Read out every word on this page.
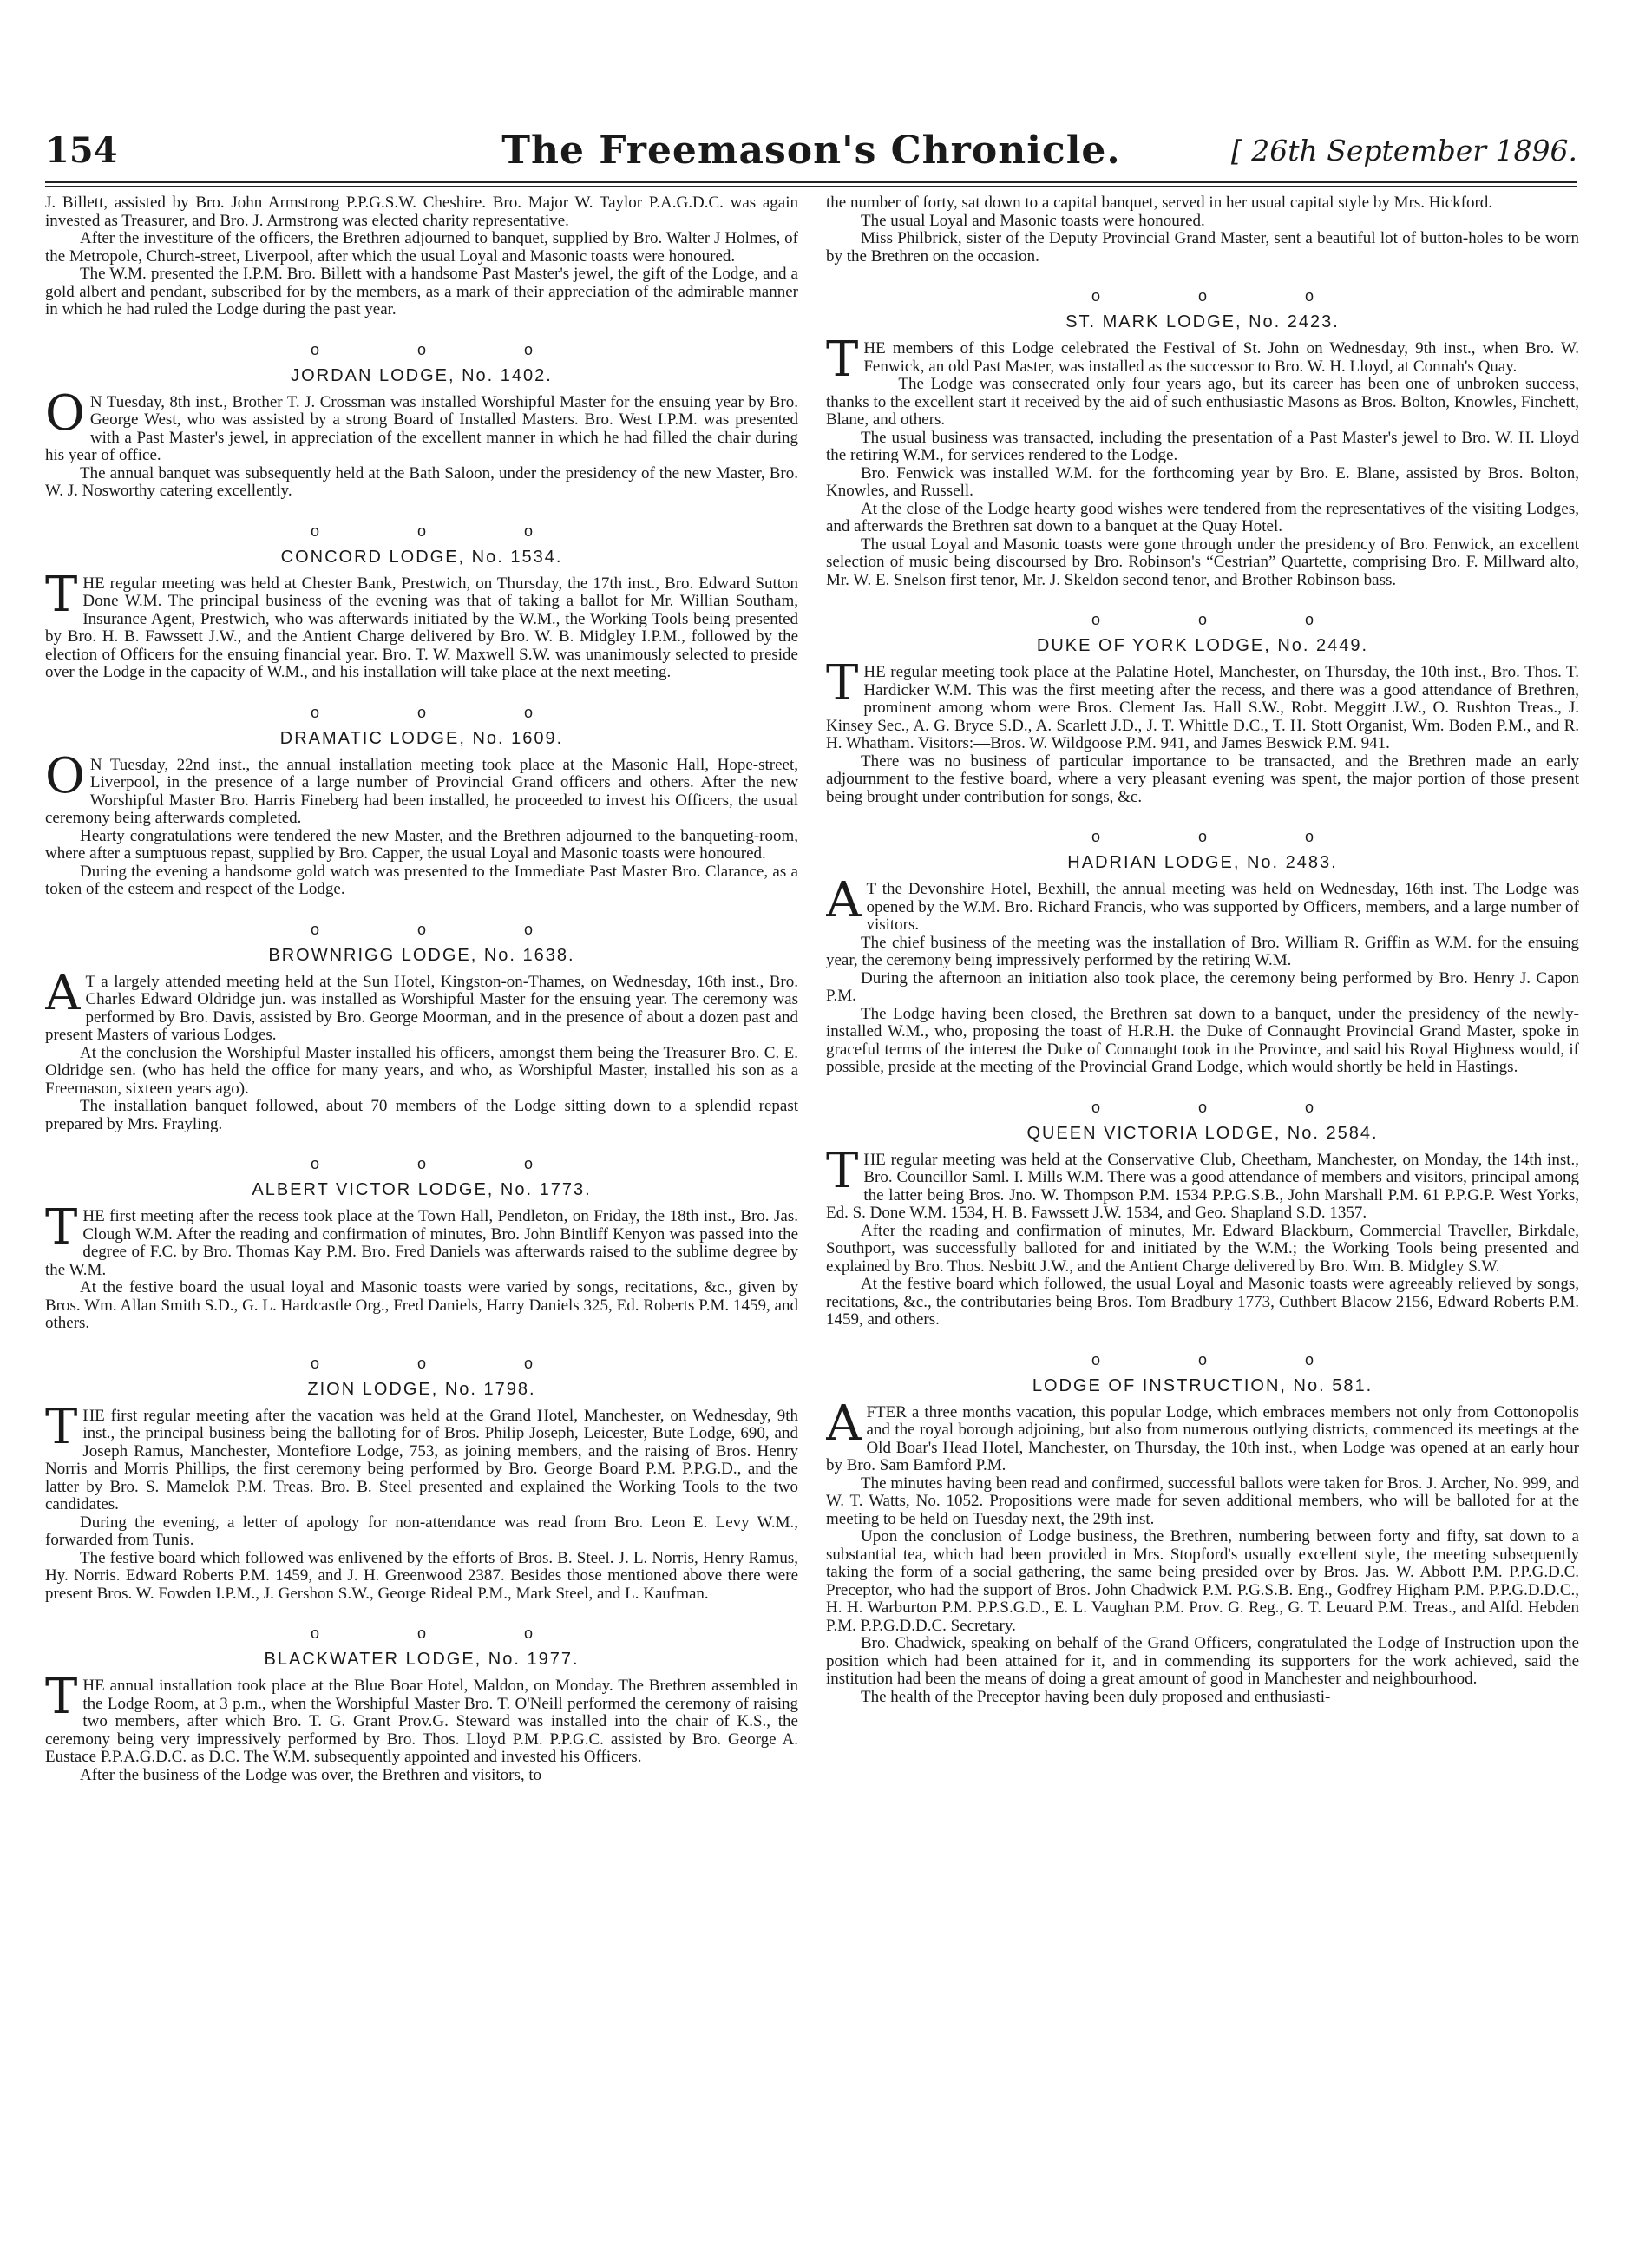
154	The Freemason's Chronicle.	[ 26th September 1896.

J. Billett, assisted by Bro. John Armstrong P.P.G.S.W. Cheshire. Bro. Major W. Taylor P.A.G.D.C. was again invested as Treasurer, and Bro. J. Armstrong was elected charity representative.

After the investiture of the officers, the Brethren adjourned to banquet, supplied by Bro. Walter J Holmes, of the Metropole, Church-street, Liverpool, after which the usual Loyal and Masonic toasts were honoured.

The W.M. presented the I.P.M. Bro. Billett with a handsome Past Master's jewel, the gift of the Lodge, and a gold albert and pendant, subscribed for by the members, as a mark of their appreciation of the admirable manner in which he had ruled the Lodge during the past year.

o o o
JORDAN LODGE, No. 1402.

ON Tuesday, 8th inst., Brother T. J. Crossman was installed Worshipful Master for the ensuing year by Bro. George West, who was assisted by a strong Board of Installed Masters. Bro. West I.P.M. was presented with a Past Master's jewel, in appreciation of the excellent manner in which he had filled the chair during his year of office.

The annual banquet was subsequently held at the Bath Saloon, under the presidency of the new Master, Bro. W. J. Nosworthy catering excellently.

o o o
CONCORD LODGE, No. 1534.

THE regular meeting was held at Chester Bank, Prestwich, on Thursday, the 17th inst., Bro. Edward Sutton Done W.M. The principal business of the evening was that of taking a ballot for Mr. Willian Southam, Insurance Agent, Prestwich, who was afterwards initiated by the W.M., the Working Tools being presented by Bro. H. B. Fawssett J.W., and the Antient Charge delivered by Bro. W. B. Midgley I.P.M., followed by the election of Officers for the ensuing financial year. Bro. T. W. Maxwell S.W. was unanimously selected to preside over the Lodge in the capacity of W.M., and his installation will take place at the next meeting.

o o o
DRAMATIC LODGE, No. 1609.

ON Tuesday, 22nd inst., the annual installation meeting took place at the Masonic Hall, Hope-street, Liverpool, in the presence of a large number of Provincial Grand officers and others. After the new Worshipful Master Bro. Harris Fineberg had been installed, he proceeded to invest his Officers, the usual ceremony being afterwards completed.

Hearty congratulations were tendered the new Master, and the Brethren adjourned to the banqueting-room, where after a sumptuous repast, supplied by Bro. Capper, the usual Loyal and Masonic toasts were honoured.

During the evening a handsome gold watch was presented to the Immediate Past Master Bro. Clarance, as a token of the esteem and respect of the Lodge.

o o o
BROWNRIGG LODGE, No. 1638.

AT a largely attended meeting held at the Sun Hotel, Kingston-on-Thames, on Wednesday, 16th inst., Bro. Charles Edward Oldridge jun. was installed as Worshipful Master for the ensuing year. The ceremony was performed by Bro. Davis, assisted by Bro. George Moorman, and in the presence of about a dozen past and present Masters of various Lodges.

At the conclusion the Worshipful Master installed his officers, amongst them being the Treasurer Bro. C. E. Oldridge sen. (who has held the office for many years, and who, as Worshipful Master, installed his son as a Freemason, sixteen years ago).

The installation banquet followed, about 70 members of the Lodge sitting down to a splendid repast prepared by Mrs. Frayling.

o o o
ALBERT VICTOR LODGE, No. 1773.

THE first meeting after the recess took place at the Town Hall, Pendleton, on Friday, the 18th inst., Bro. Jas. Clough W.M. After the reading and confirmation of minutes, Bro. John Bintliff Kenyon was passed into the degree of F.C. by Bro. Thomas Kay P.M. Bro. Fred Daniels was afterwards raised to the sublime degree by the W.M.

At the festive board the usual loyal and Masonic toasts were varied by songs, recitations, &c., given by Bros. Wm. Allan Smith S.D., G. L. Hardcastle Org., Fred Daniels, Harry Daniels 325, Ed. Roberts P.M. 1459, and others.

o o o
ZION LODGE, No. 1798.

THE first regular meeting after the vacation was held at the Grand Hotel, Manchester, on Wednesday, 9th inst., the principal business being the balloting for of Bros. Philip Joseph, Leicester, Bute Lodge, 690, and Joseph Ramus, Manchester, Montefiore Lodge, 753, as joining members, and the raising of Bros. Henry Norris and Morris Phillips, the first ceremony being performed by Bro. George Board P.M. P.P.G.D., and the latter by Bro. S. Mamelok P.M. Treas. Bro. B. Steel presented and explained the Working Tools to the two candidates.

During the evening, a letter of apology for non-attendance was read from Bro. Leon E. Levy W.M., forwarded from Tunis.

The festive board which followed was enlivened by the efforts of Bros. B. Steel. J. L. Norris, Henry Ramus, Hy. Norris. Edward Roberts P.M. 1459, and J. H. Greenwood 2387. Besides those mentioned above there were present Bros. W. Fowden I.P.M., J. Gershon S.W., George Rideal P.M., Mark Steel, and L. Kaufman.

o o o
BLACKWATER LODGE, No. 1977.

THE annual installation took place at the Blue Boar Hotel, Maldon, on Monday. The Brethren assembled in the Lodge Room, at 3 p.m., when the Worshipful Master Bro. T. O'Neill performed the ceremony of raising two members, after which Bro. T. G. Grant Prov.G. Steward was installed into the chair of K.S., the ceremony being very impressively performed by Bro. Thos. Lloyd P.M. P.P.G.C. assisted by Bro. George A. Eustace P.P.A.G.D.C. as D.C. The W.M. subsequently appointed and invested his Officers.

After the business of the Lodge was over, the Brethren and visitors, to

the number of forty, sat down to a capital banquet, served in her usual capital style by Mrs. Hickford.

The usual Loyal and Masonic toasts were honoured.

Miss Philbrick, sister of the Deputy Provincial Grand Master, sent a beautiful lot of button-holes to be worn by the Brethren on the occasion.

o o o
ST. MARK LODGE, No. 2423.

THE members of this Lodge celebrated the Festival of St. John on Wednesday, 9th inst., when Bro. W. Fenwick, an old Past Master, was installed as the successor to Bro. W. H. Lloyd, at Connah's Quay.

The Lodge was consecrated only four years ago, but its career has been one of unbroken success, thanks to the excellent start it received by the aid of such enthusiastic Masons as Bros. Bolton, Knowles, Finchett, Blane, and others.

The usual business was transacted, including the presentation of a Past Master's jewel to Bro. W. H. Lloyd the retiring W.M., for services rendered to the Lodge.

Bro. Fenwick was installed W.M. for the forthcoming year by Bro. E. Blane, assisted by Bros. Bolton, Knowles, and Russell.

At the close of the Lodge hearty good wishes were tendered from the representatives of the visiting Lodges, and afterwards the Brethren sat down to a banquet at the Quay Hotel.

The usual Loyal and Masonic toasts were gone through under the presidency of Bro. Fenwick, an excellent selection of music being discoursed by Bro. Robinson's “Cestrian” Quartette, comprising Bro. F. Millward alto, Mr. W. E. Snelson first tenor, Mr. J. Skeldon second tenor, and Brother Robinson bass.

o o o
DUKE OF YORK LODGE, No. 2449.

THE regular meeting took place at the Palatine Hotel, Manchester, on Thursday, the 10th inst., Bro. Thos. T. Hardicker W.M. This was the first meeting after the recess, and there was a good attendance of Brethren, prominent among whom were Bros. Clement Jas. Hall S.W., Robt. Meggitt J.W., O. Rushton Treas., J. Kinsey Sec., A. G. Bryce S.D., A. Scarlett J.D., J. T. Whittle D.C., T. H. Stott Organist, Wm. Boden P.M., and R. H. Whatham. Visitors:—Bros. W. Wildgoose P.M. 941, and James Beswick P.M. 941.

There was no business of particular importance to be transacted, and the Brethren made an early adjournment to the festive board, where a very pleasant evening was spent, the major portion of those present being brought under contribution for songs, &c.

o o o
HADRIAN LODGE, No. 2483.

AT the Devonshire Hotel, Bexhill, the annual meeting was held on Wednesday, 16th inst. The Lodge was opened by the W.M. Bro. Richard Francis, who was supported by Officers, members, and a large number of visitors.

The chief business of the meeting was the installation of Bro. William R. Griffin as W.M. for the ensuing year, the ceremony being impressively performed by the retiring W.M.

During the afternoon an initiation also took place, the ceremony being performed by Bro. Henry J. Capon P.M.

The Lodge having been closed, the Brethren sat down to a banquet, under the presidency of the newly-installed W.M., who, proposing the toast of H.R.H. the Duke of Connaught Provincial Grand Master, spoke in graceful terms of the interest the Duke of Connaught took in the Province, and said his Royal Highness would, if possible, preside at the meeting of the Provincial Grand Lodge, which would shortly be held in Hastings.

o o o
QUEEN VICTORIA LODGE, No. 2584.

THE regular meeting was held at the Conservative Club, Cheetham, Manchester, on Monday, the 14th inst., Bro. Councillor Saml. I. Mills W.M. There was a good attendance of members and visitors, principal among the latter being Bros. Jno. W. Thompson P.M. 1534 P.P.G.S.B., John Marshall P.M. 61 P.P.G.P. West Yorks, Ed. S. Done W.M. 1534, H. B. Fawssett J.W. 1534, and Geo. Shapland S.D. 1357.

After the reading and confirmation of minutes, Mr. Edward Blackburn, Commercial Traveller, Birkdale, Southport, was successfully balloted for and initiated by the W.M.; the Working Tools being presented and explained by Bro. Thos. Nesbitt J.W., and the Antient Charge delivered by Bro. Wm. B. Midgley S.W.

At the festive board which followed, the usual Loyal and Masonic toasts were agreeably relieved by songs, recitations, &c., the contributaries being Bros. Tom Bradbury 1773, Cuthbert Blacow 2156, Edward Roberts P.M. 1459, and others.

o o o
LODGE OF INSTRUCTION, No. 581.

AFTER a three months vacation, this popular Lodge, which embraces members not only from Cottonopolis and the royal borough adjoining, but also from numerous outlying districts, commenced its meetings at the Old Boar's Head Hotel, Manchester, on Thursday, the 10th inst., when Lodge was opened at an early hour by Bro. Sam Bamford P.M.

The minutes having been read and confirmed, successful ballots were taken for Bros. J. Archer, No. 999, and W. T. Watts, No. 1052. Propositions were made for seven additional members, who will be balloted for at the meeting to be held on Tuesday next, the 29th inst.

Upon the conclusion of Lodge business, the Brethren, numbering between forty and fifty, sat down to a substantial tea, which had been provided in Mrs. Stopford's usually excellent style, the meeting subsequently taking the form of a social gathering, the same being presided over by Bros. Jas. W. Abbott P.M. P.P.G.D.C. Preceptor, who had the support of Bros. John Chadwick P.M. P.G.S.B. Eng., Godfrey Higham P.M. P.P.G.D.D.C., H. H. Warburton P.M. P.P.S.G.D., E. L. Vaughan P.M. Prov. G. Reg., G. T. Leuard P.M. Treas., and Alfd. Hebden P.M. P.P.G.D.D.C. Secretary.

Bro. Chadwick, speaking on behalf of the Grand Officers, congratulated the Lodge of Instruction upon the position which had been attained for it, and in commending its supporters for the work achieved, said the institution had been the means of doing a great amount of good in Manchester and neighbourhood.

The health of the Preceptor having been duly proposed and enthusiasti-
